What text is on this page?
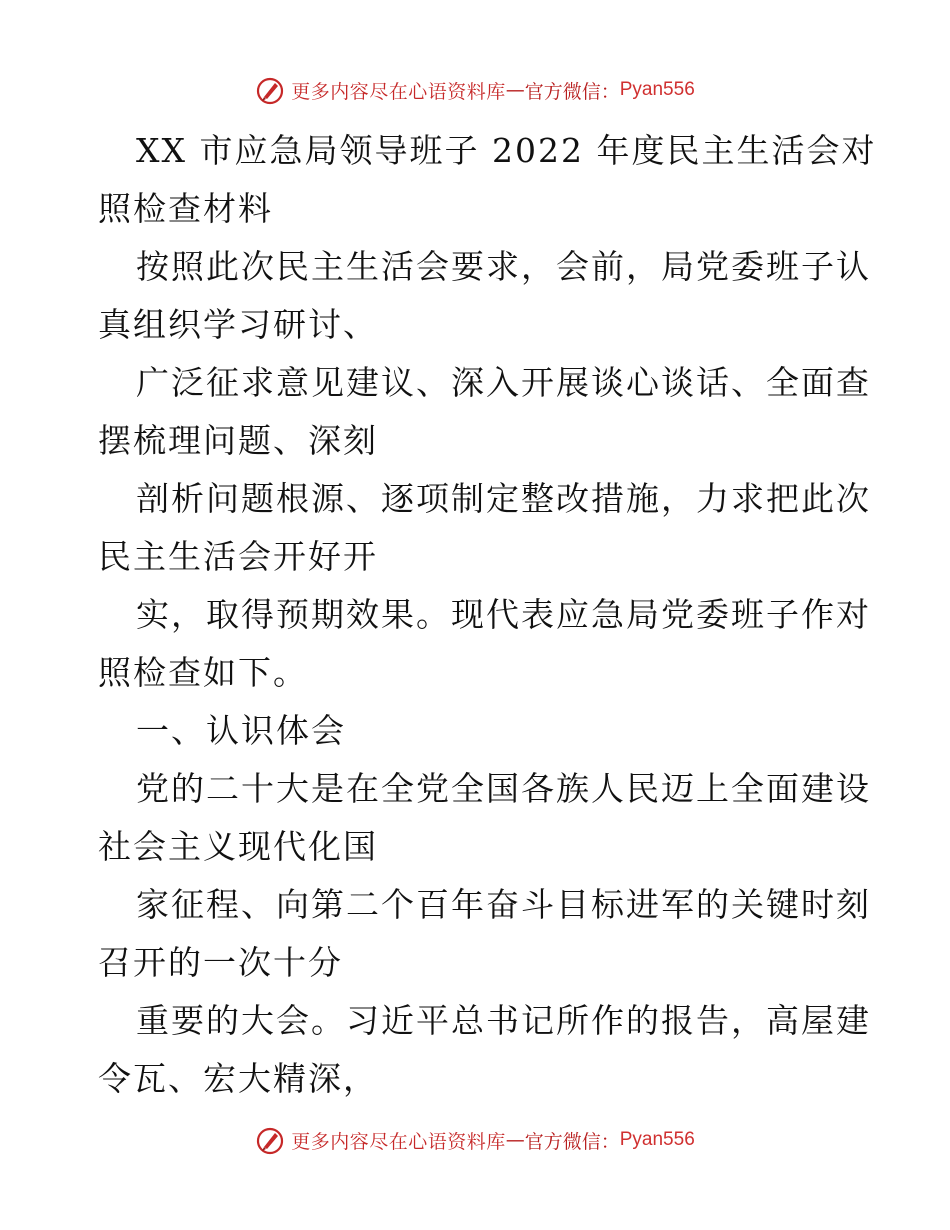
更多内容尽在心语资料库 — 官方微信： Pyan556
XX 市应急局领导班子 2022 年度民主生活会对
照检查材料
按照此次民主生活会要求，会前，局党委班子认
真组织学习研讨、
广泛征求意见建议、深入开展谈心谈话、全面查
摆梳理问题、深刻
剖析问题根源、逐项制定整改措施，力求把此次
民主生活会开好开
实，取得预期效果。现代表应急局党委班子作对
照检查如下。
一、认识体会
党的二十大是在全党全国各族人民迈上全面建设
社会主义现代化国
家征程、向第二个百年奋斗目标进军的关键时刻
召开的一次十分
重要的大会。习近平总书记所作的报告，高屋建
令瓦、宏大精深，
更多内容尽在心语资料库 — 官方微信： Pyan556
